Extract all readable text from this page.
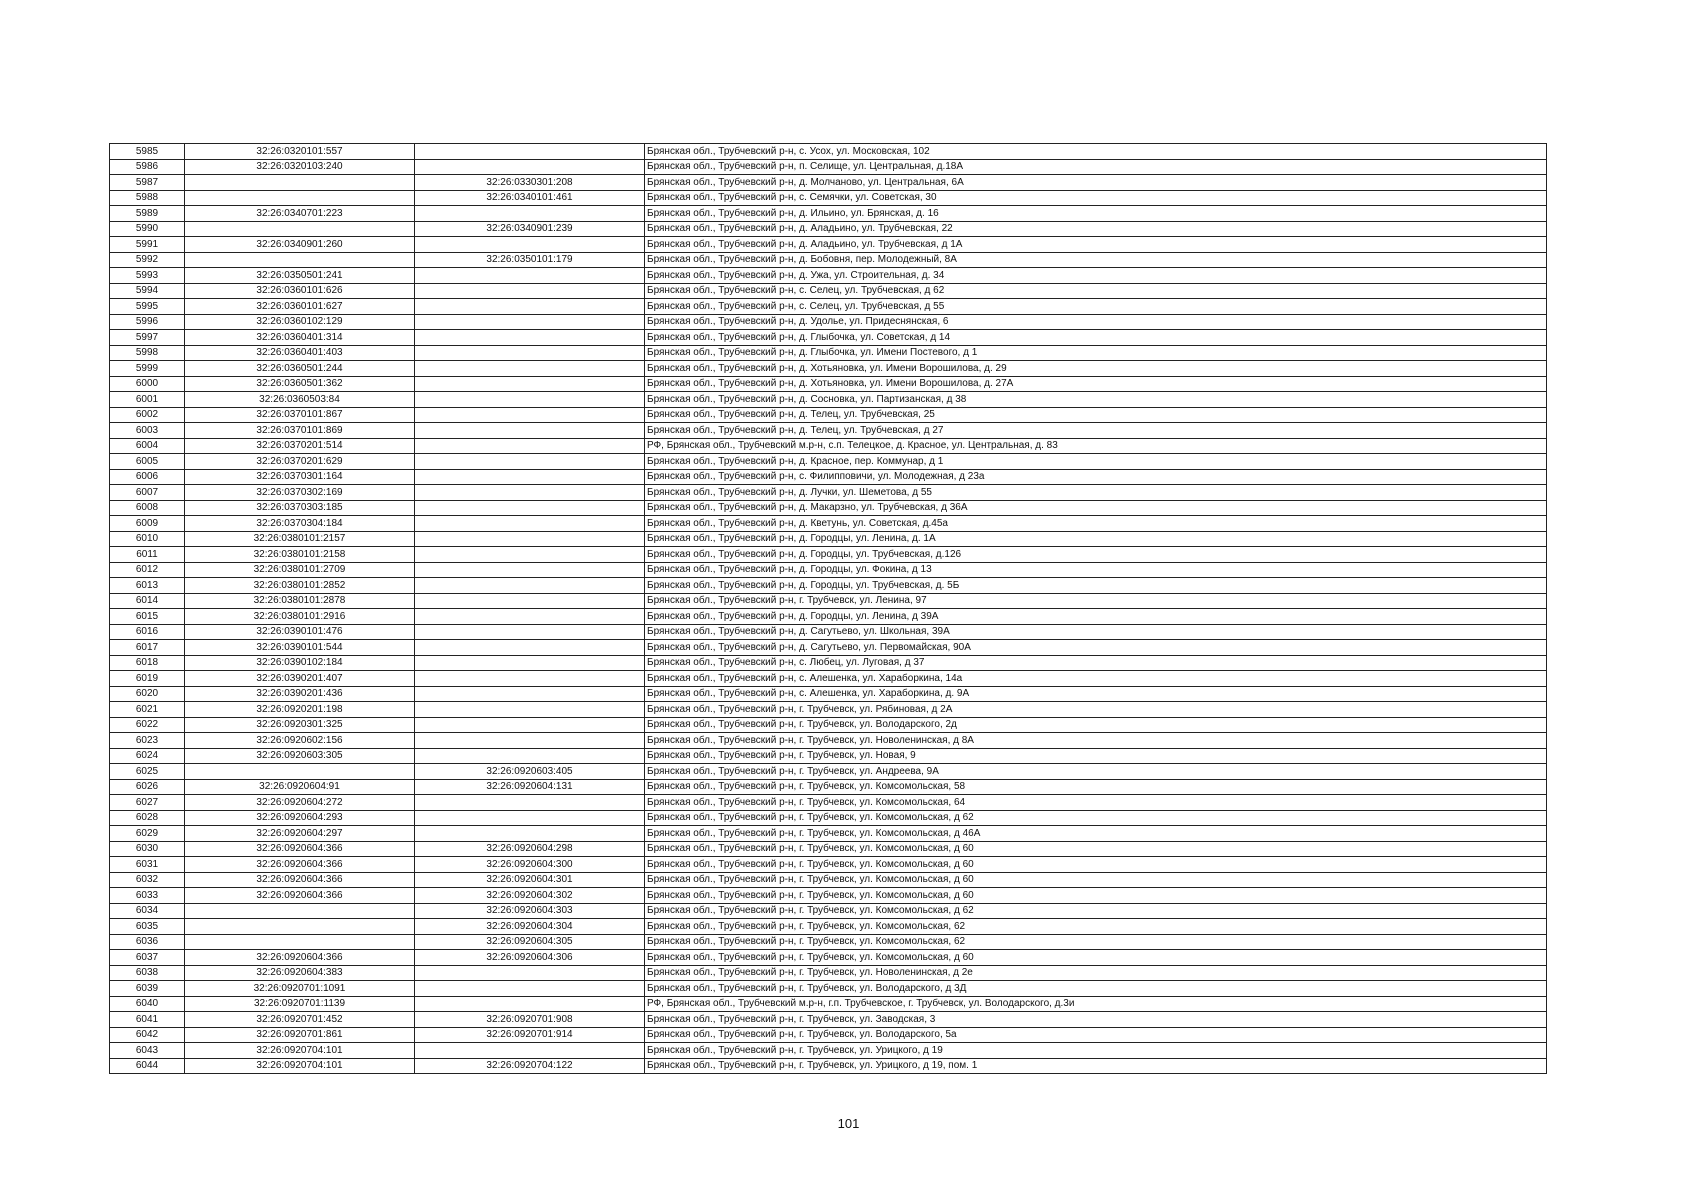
5985	32:26:0320101:557		Брянская обл., Трубчевский р-н, с. Усох, ул. Московская, 102
5986	32:26:0320103:240		Брянская обл., Трубчевский р-н, п. Селище, ул. Центральная, д.18А
5987		32:26:0330301:208	Брянская обл., Трубчевский р-н, д. Молчаново, ул. Центральная, 6А
5988		32:26:0340101:461	Брянская обл., Трубчевский р-н, с. Семячки, ул. Советская, 30
5989	32:26:0340701:223		Брянская обл., Трубчевский р-н, д. Ильино, ул. Брянская, д. 16
5990		32:26:0340901:239	Брянская обл., Трубчевский р-н, д. Аладьино, ул. Трубчевская, 22
5991	32:26:0340901:260		Брянская обл., Трубчевский р-н, д. Аладьино, ул. Трубчевская, д 1А
5992		32:26:0350101:179	Брянская обл., Трубчевский р-н, д. Бобовня, пер. Молодежный, 8А
5993	32:26:0350501:241		Брянская обл., Трубчевский р-н, д. Ужа, ул. Строительная, д. 34
5994	32:26:0360101:626		Брянская обл., Трубчевский р-н, с. Селец, ул. Трубчевская, д 62
5995	32:26:0360101:627		Брянская обл., Трубчевский р-н, с. Селец, ул. Трубчевская, д 55
5996	32:26:0360102:129		Брянская обл., Трубчевский р-н, д. Удолье, ул. Придеснянская, 6
5997	32:26:0360401:314		Брянская обл., Трубчевский р-н, д. Глыбочка, ул. Советская, д 14
5998	32:26:0360401:403		Брянская обл., Трубчевский р-н, д. Глыбочка, ул. Имени Постевого, д 1
5999	32:26:0360501:244		Брянская обл., Трубчевский р-н, д. Хотьяновка, ул. Имени Ворошилова, д. 29
6000	32:26:0360501:362		Брянская обл., Трубчевский р-н, д. Хотьяновка, ул. Имени Ворошилова, д. 27А
6001	32:26:0360503:84		Брянская обл., Трубчевский р-н, д. Сосновка, ул. Партизанская, д 38
6002	32:26:0370101:867		Брянская обл., Трубчевский р-н, д. Телец, ул. Трубчевская, 25
6003	32:26:0370101:869		Брянская обл., Трубчевский р-н, д. Телец, ул. Трубчевская, д 27
6004	32:26:0370201:514		РФ, Брянская обл., Трубчевский м.р-н, с.п. Телецкое, д. Красное, ул. Центральная, д. 83
6005	32:26:0370201:629		Брянская обл., Трубчевский р-н, д. Красное, пер. Коммунар, д 1
6006	32:26:0370301:164		Брянская обл., Трубчевский р-н, с. Филипповичи, ул. Молодежная, д 23а
6007	32:26:0370302:169		Брянская обл., Трубчевский р-н, д. Лучки, ул. Шеметова, д 55
6008	32:26:0370303:185		Брянская обл., Трубчевский р-н, д. Макарзно, ул. Трубчевская, д 36А
6009	32:26:0370304:184		Брянская обл., Трубчевский р-н, д. Кветунь, ул. Советская, д.45а
6010	32:26:0380101:2157		Брянская обл., Трубчевский р-н, д. Городцы, ул. Ленина, д. 1А
6011	32:26:0380101:2158		Брянская обл., Трубчевский р-н, д. Городцы, ул. Трубчевская, д.126
6012	32:26:0380101:2709		Брянская обл., Трубчевский р-н, д. Городцы, ул. Фокина, д 13
6013	32:26:0380101:2852		Брянская обл., Трубчевский р-н, д. Городцы, ул. Трубчевская, д. 5Б
6014	32:26:0380101:2878		Брянская обл., Трубчевский р-н, г. Трубчевск, ул. Ленина, 97
6015	32:26:0380101:2916		Брянская обл., Трубчевский р-н, д. Городцы, ул. Ленина, д 39А
6016	32:26:0390101:476		Брянская обл., Трубчевский р-н, д. Сагутьево, ул. Школьная, 39А
6017	32:26:0390101:544		Брянская обл., Трубчевский р-н, д. Сагутьево, ул. Первомайская, 90А
6018	32:26:0390102:184		Брянская обл., Трубчевский р-н, с. Любец, ул. Луговая, д 37
6019	32:26:0390201:407		Брянская обл., Трубчевский р-н, с. Алешенка, ул. Хараборкина, 14а
6020	32:26:0390201:436		Брянская обл., Трубчевский р-н, с. Алешенка, ул. Хараборкина, д. 9А
6021	32:26:0920201:198		Брянская обл., Трубчевский р-н, г. Трубчевск, ул. Рябиновая, д 2А
6022	32:26:0920301:325		Брянская обл., Трубчевский р-н, г. Трубчевск, ул. Володарского, 2д
6023	32:26:0920602:156		Брянская обл., Трубчевский р-н, г. Трубчевск, ул. Новоленинская, д 8А
6024	32:26:0920603:305		Брянская обл., Трубчевский р-н, г. Трубчевск, ул. Новая, 9
6025		32:26:0920603:405	Брянская обл., Трубчевский р-н, г. Трубчевск, ул. Андреева, 9А
6026	32:26:0920604:91	32:26:0920604:131	Брянская обл., Трубчевский р-н, г. Трубчевск, ул. Комсомольская, 58
6027	32:26:0920604:272		Брянская обл., Трубчевский р-н, г. Трубчевск, ул. Комсомольская, 64
6028	32:26:0920604:293		Брянская обл., Трубчевский р-н, г. Трубчевск, ул. Комсомольская, д 62
6029	32:26:0920604:297		Брянская обл., Трубчевский р-н, г. Трубчевск, ул. Комсомольская, д 46А
6030	32:26:0920604:366	32:26:0920604:298	Брянская обл., Трубчевский р-н, г. Трубчевск, ул. Комсомольская, д 60
6031	32:26:0920604:366	32:26:0920604:300	Брянская обл., Трубчевский р-н, г. Трубчевск, ул. Комсомольская, д 60
6032	32:26:0920604:366	32:26:0920604:301	Брянская обл., Трубчевский р-н, г. Трубчевск, ул. Комсомольская, д 60
6033	32:26:0920604:366	32:26:0920604:302	Брянская обл., Трубчевский р-н, г. Трубчевск, ул. Комсомольская, д 60
6034		32:26:0920604:303	Брянская обл., Трубчевский р-н, г. Трубчевск, ул. Комсомольская, д 62
6035		32:26:0920604:304	Брянская обл., Трубчевский р-н, г. Трубчевск, ул. Комсомольская, 62
6036		32:26:0920604:305	Брянская обл., Трубчевский р-н, г. Трубчевск, ул. Комсомольская, 62
6037	32:26:0920604:366	32:26:0920604:306	Брянская обл., Трубчевский р-н, г. Трубчевск, ул. Комсомольская, д 60
6038	32:26:0920604:383		Брянская обл., Трубчевский р-н, г. Трубчевск, ул. Новоленинская, д 2е
6039	32:26:0920701:1091		Брянская обл., Трубчевский р-н, г. Трубчевск, ул. Володарского, д 3Д
6040	32:26:0920701:1139		РФ, Брянская обл., Трубчевский м.р-н, г.п. Трубчевское, г. Трубчевск, ул. Володарского, д.3и
6041	32:26:0920701:452	32:26:0920701:908	Брянская обл., Трубчевский р-н, г. Трубчевск, ул. Заводская, 3
6042	32:26:0920701:861	32:26:0920701:914	Брянская обл., Трубчевский р-н, г. Трубчевск, ул. Володарского, 5а
6043	32:26:0920704:101		Брянская обл., Трубчевский р-н, г. Трубчевск, ул. Урицкого, д 19
6044	32:26:0920704:101	32:26:0920704:122	Брянская обл., Трубчевский р-н, г. Трубчевск, ул. Урицкого, д 19, пом. 1
101
